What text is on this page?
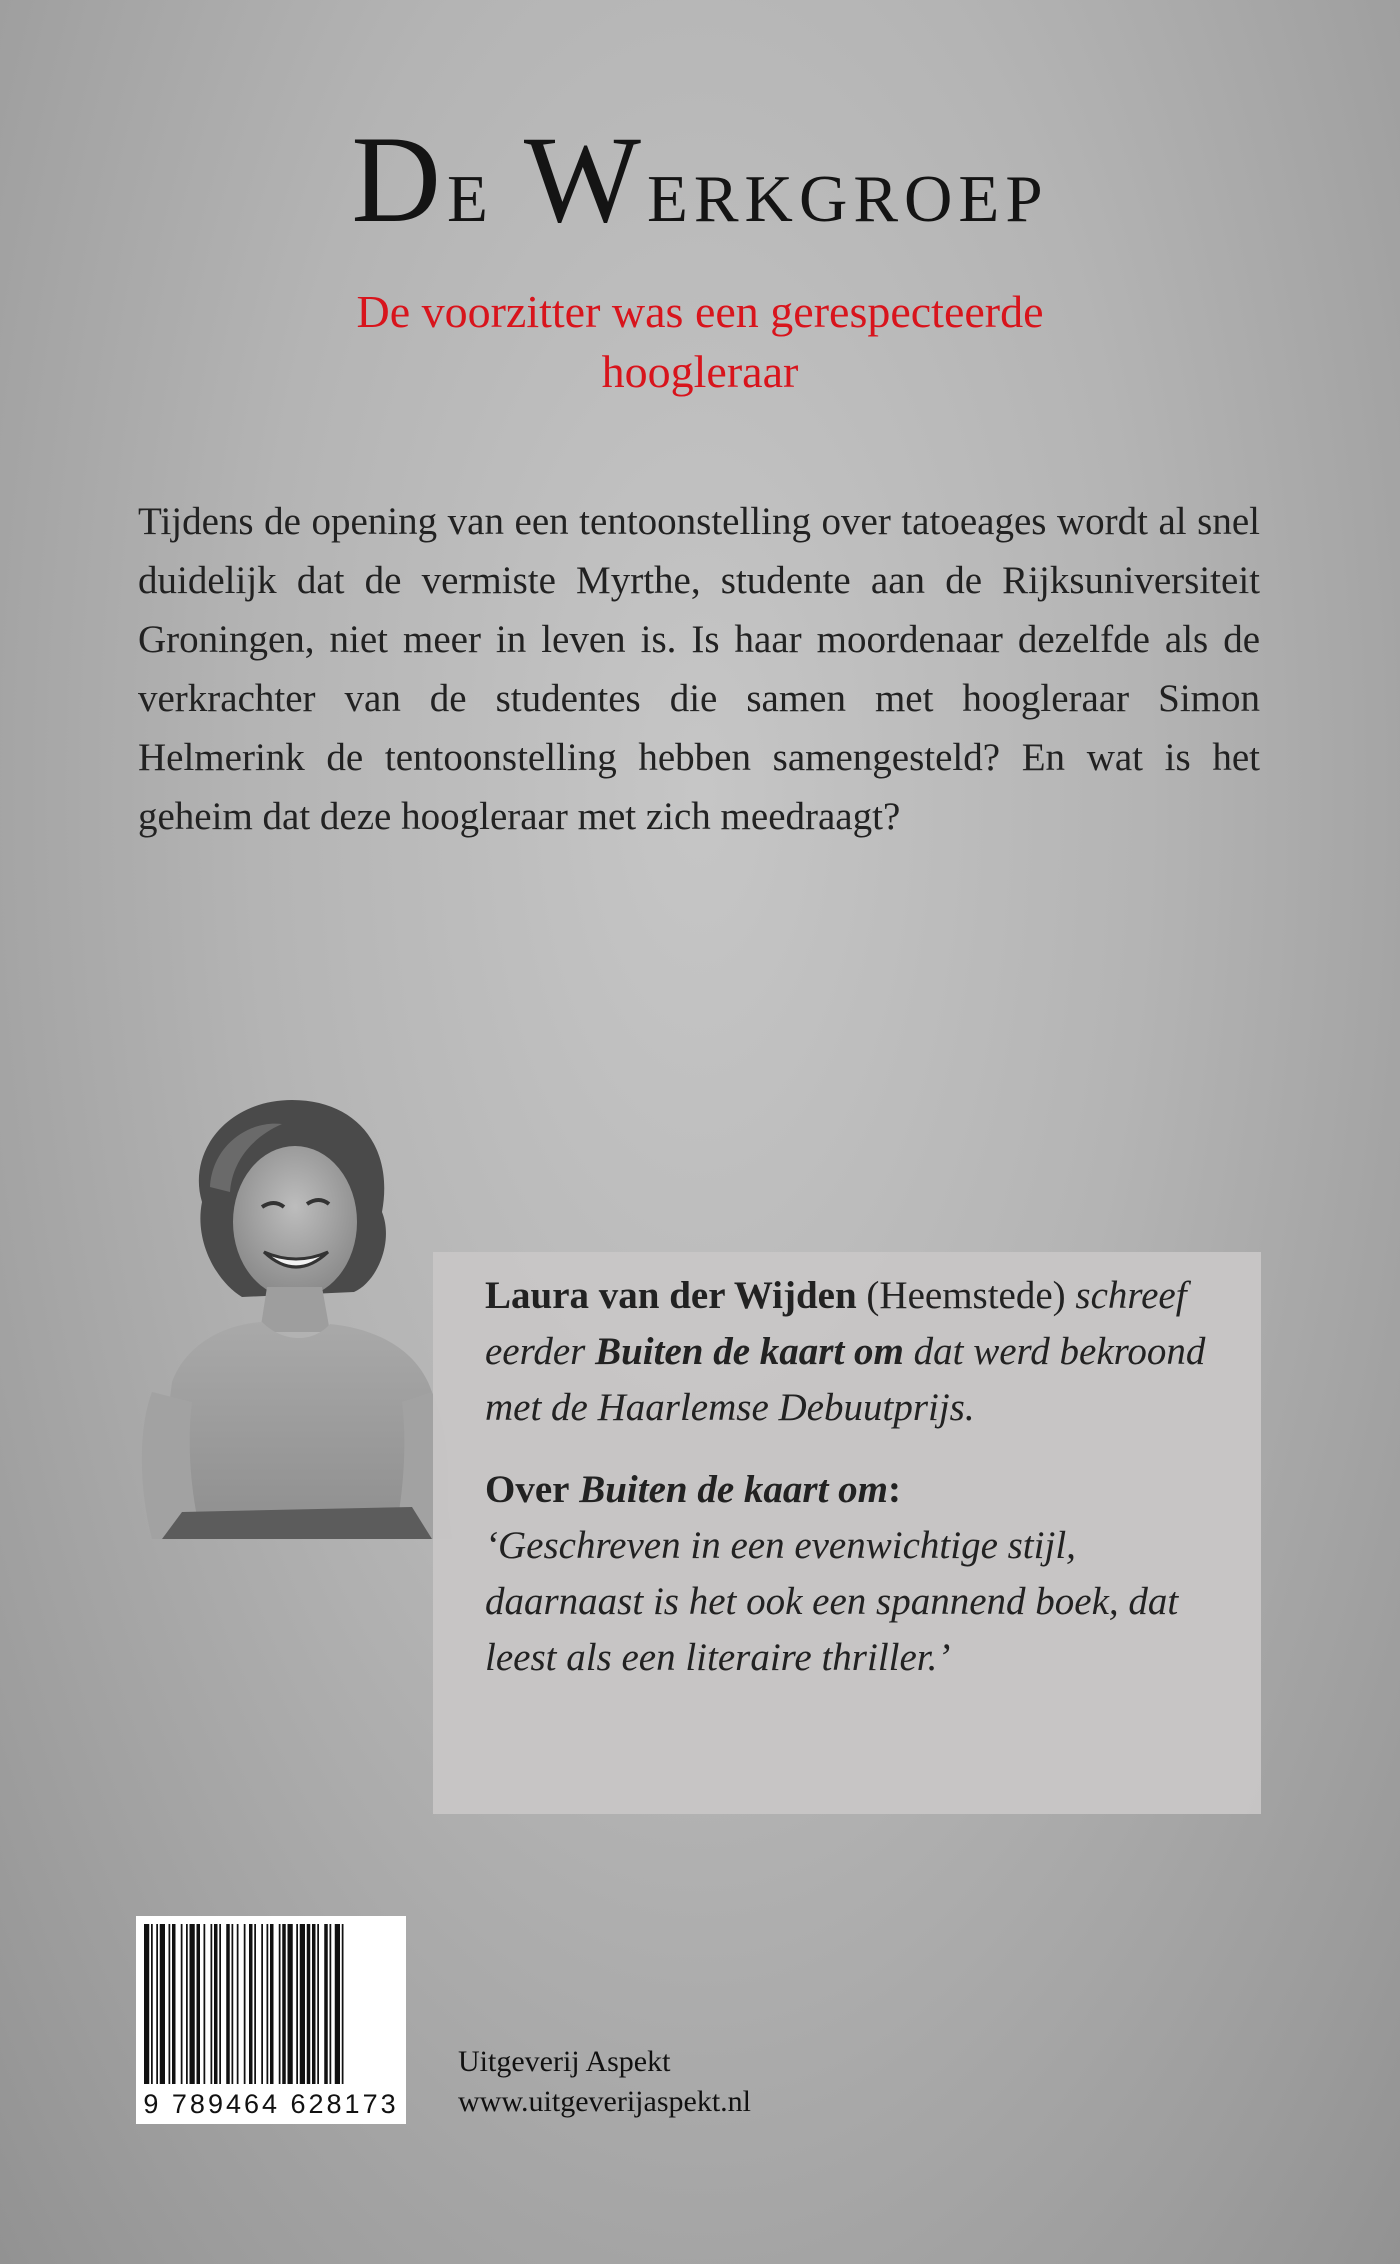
De Werkgroep
De voorzitter was een gerespecteerde
hoogleraar

Tijdens de opening van een tentoonstelling over tatoeages wordt al snel duidelijk dat de vermiste Myrthe, studente aan de Rijksuniversiteit Groningen, niet meer in leven is. Is haar moordenaar dezelfde als de verkrachter van de studentes die samen met hoogleraar Simon Helmerink de tentoonstelling hebben samengesteld? En wat is het geheim dat deze hoogleraar met zich meedraagt?

Laura van der Wijden (Heemstede) schreef eerder Buiten de kaart om dat werd bekroond met de Haarlemse Debuutprijs.

Over Buiten de kaart om:
‘Geschreven in een evenwichtige stijl, daarnaast is het ook een spannend boek, dat leest als een literaire thriller.’

9 789464 628173
Uitgeverij Aspekt
www.uitgeverijaspekt.nl
